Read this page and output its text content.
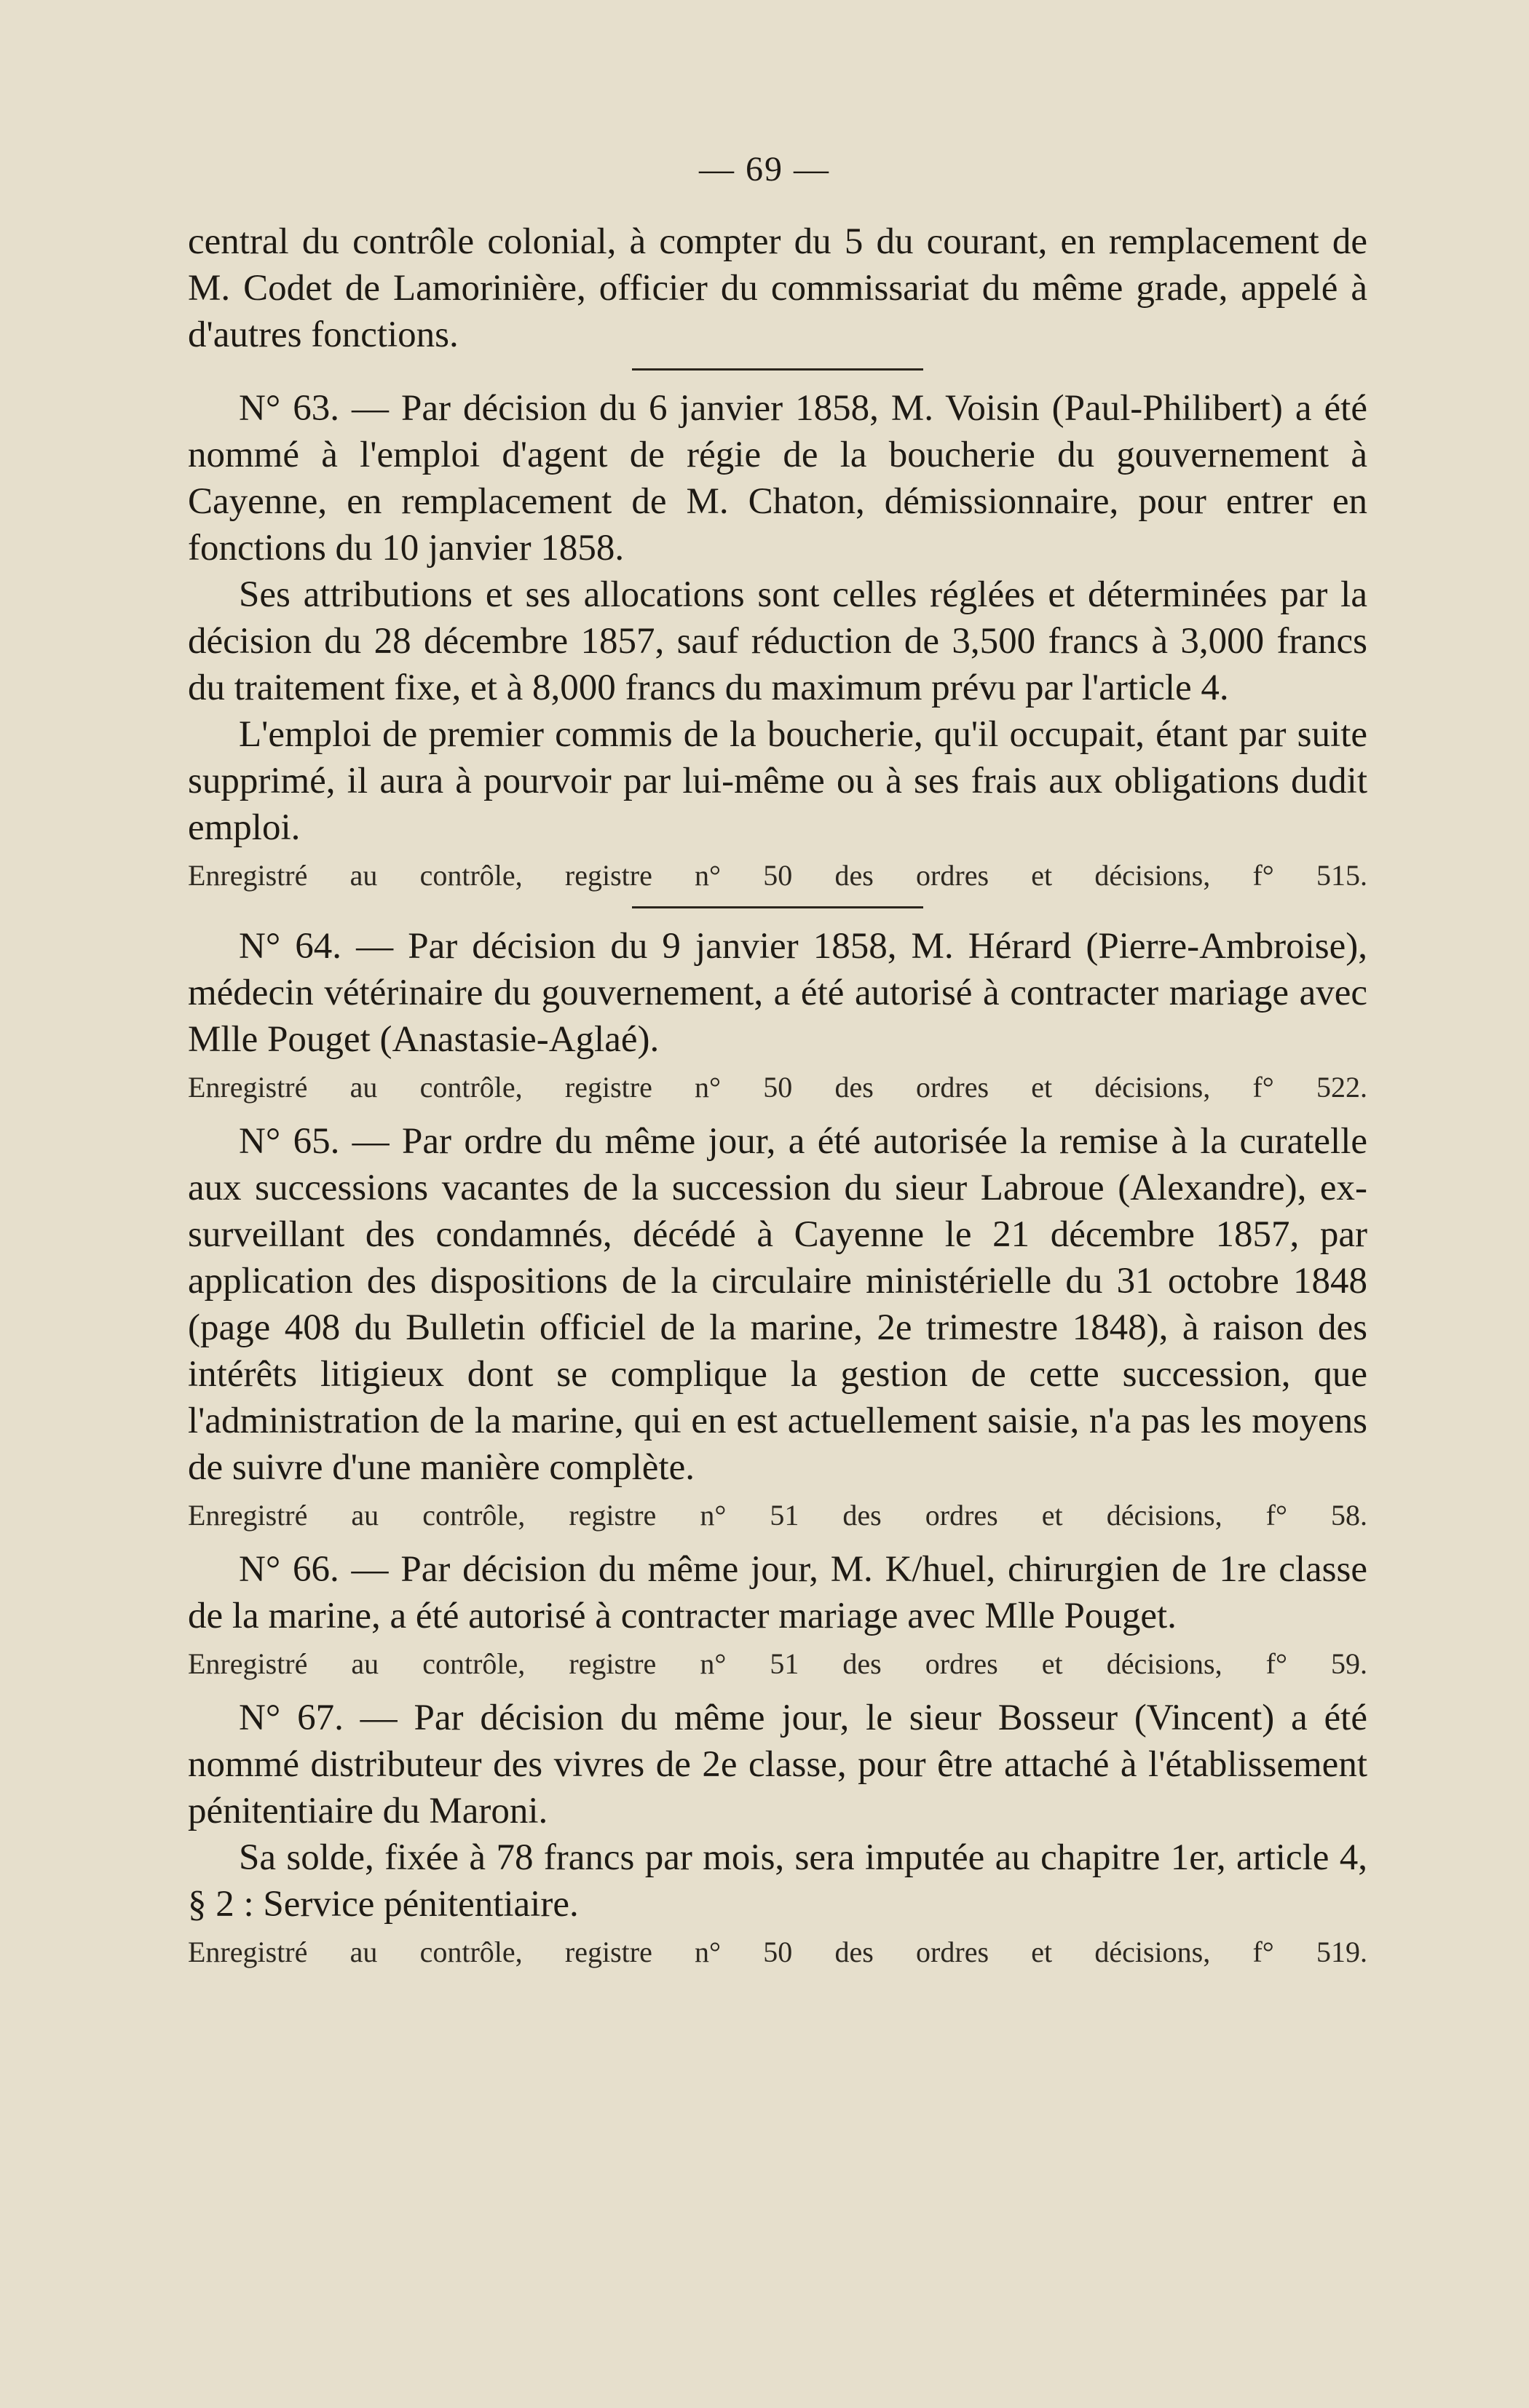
— 69 —

central du contrôle colonial, à compter du 5 du courant, en remplacement de M. Codet de Lamorinière, officier du commissariat du même grade, appelé à d'autres fonctions.

N° 63. — Par décision du 6 janvier 1858, M. Voisin (Paul-Philibert) a été nommé à l'emploi d'agent de régie de la boucherie du gouvernement à Cayenne, en remplacement de M. Chaton, démissionnaire, pour entrer en fonctions du 10 janvier 1858.

Ses attributions et ses allocations sont celles réglées et déterminées par la décision du 28 décembre 1857, sauf réduction de 3,500 francs à 3,000 francs du traitement fixe, et à 8,000 francs du maximum prévu par l'article 4.

L'emploi de premier commis de la boucherie, qu'il occupait, étant par suite supprimé, il aura à pourvoir par lui-même ou à ses frais aux obligations dudit emploi.

Enregistré au contrôle, registre n° 50 des ordres et décisions, f° 515.

N° 64. — Par décision du 9 janvier 1858, M. Hérard (Pierre-Ambroise), médecin vétérinaire du gouvernement, a été autorisé à contracter mariage avec Mlle Pouget (Anastasie-Aglaé).

Enregistré au contrôle, registre n° 50 des ordres et décisions, f° 522.

N° 65. — Par ordre du même jour, a été autorisée la remise à la curatelle aux successions vacantes de la succession du sieur Labroue (Alexandre), ex-surveillant des condamnés, décédé à Cayenne le 21 décembre 1857, par application des dispositions de la circulaire ministérielle du 31 octobre 1848 (page 408 du Bulletin officiel de la marine, 2e trimestre 1848), à raison des intérêts litigieux dont se complique la gestion de cette succession, que l'administration de la marine, qui en est actuellement saisie, n'a pas les moyens de suivre d'une manière complète.

Enregistré au contrôle, registre n° 51 des ordres et décisions, f° 58.

N° 66. — Par décision du même jour, M. K/huel, chirurgien de 1re classe de la marine, a été autorisé à contracter mariage avec Mlle Pouget.

Enregistré au contrôle, registre n° 51 des ordres et décisions, f° 59.

N° 67. — Par décision du même jour, le sieur Bosseur (Vincent) a été nommé distributeur des vivres de 2e classe, pour être attaché à l'établissement pénitentiaire du Maroni.

Sa solde, fixée à 78 francs par mois, sera imputée au chapitre 1er, article 4, § 2 : Service pénitentiaire.

Enregistré au contrôle, registre n° 50 des ordres et décisions, f° 519.
